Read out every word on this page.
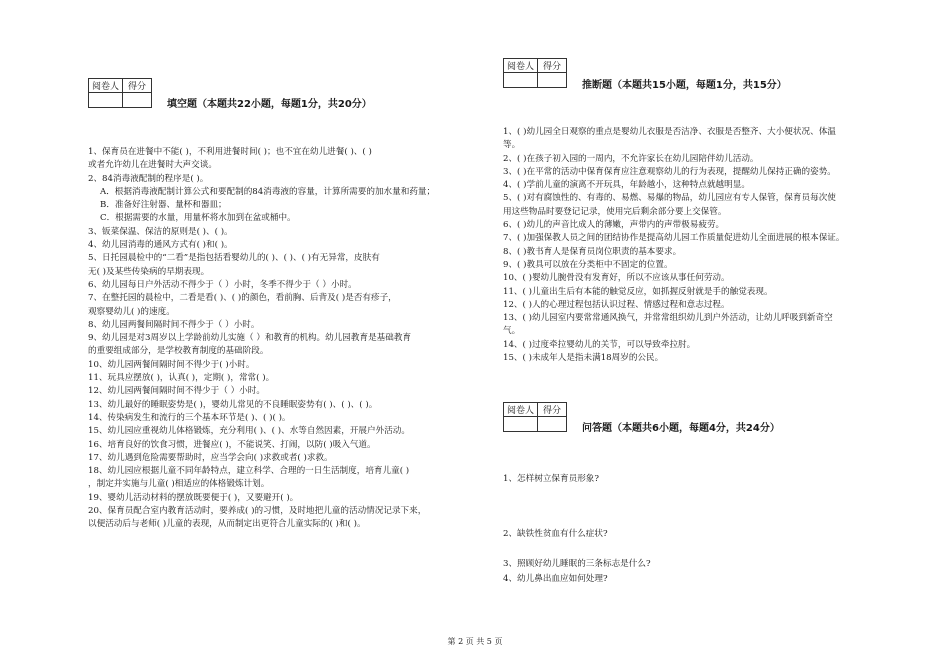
阅卷人	得分

填空题（本题共22小题，每题1分，共20分）
1、保育员在进餐中不能( )，不利用进餐时间( )；也不宜在幼儿进餐( )、( )
或者允许幼儿在进餐时大声交谈。
2、84消毒液配制的程序是( )。
A．根据消毒液配制计算公式和要配制的84消毒液的容量，计算所需要的加水量和药量；
B．准备好注射器、量杯和器皿；
C．根据需要的水量，用量杯将水加到在盆或桶中。
3、钣菜保温、保洁的原则是( )、( )。
4、幼儿园消毒的通风方式有( )和( )。
5、日托园晨检中的“二看”是指包括看婴幼儿的( )、( )、( )有无异常，皮肤有
无( )及某些传染病的早期表现。
6、幼儿园每日户外活动不得少于（ ）小时，冬季不得少于（ ）小时。
7、在整托园的晨检中，二看是看( )、( )的颜色，看前胸、后背及( )是否有疹子，
观察婴幼儿( )的速度。
8、幼儿园两餐间隔时间不得少于（ ）小时。
9、幼儿园是对3周岁以上学龄前幼儿实施（ ）和教育的机构。幼儿园教育是基础教育
的重要组成部分，是学校教育制度的基础阶段。
10、幼儿园两餐间隔时间不得少于( )小时。
11、玩具应摆放( )，认真( )，定期( )，常常( )。
12、幼儿园两餐间隔时间不得少于（ ）小时。
13、幼儿最好的睡眠姿势是( )，婴幼儿常见的不良睡眠姿势有( )、( )、( )。
14、传染病发生和流行的三个基本环节是( )、( )( )。
15、幼儿园应重视幼儿体格锻炼，充分利用( )、( )、水等自然因素，开展户外活动。
16、培育良好的饮食习惯，进餐应( )，不能说笑、打闹，以防( )吸入气道。
17、幼儿遇到危险需要帮助时，应当学会向( )求救或者( )求救。
18、幼儿园应根据儿童不同年龄特点，建立科学、合理的一日生活制度，培育儿童( )
，制定并实施与儿童( )相适应的体格锻炼计划。
19、婴幼儿活动材料的摆放既要便于( )，又要避开( )。
20、保育员配合室内教育活动时，要养成( )的习惯，及时地把儿童的活动情况记录下来，
以便活动后与老师( )儿童的表现，从而制定出更符合儿童实际的( )和( )。
阅卷人	得分

推断题（本题共15小题，每题1分，共15分）
1、( )幼儿园全日观察的重点是婴幼儿衣服是否洁净、衣服是否整齐、大小便状况、体温
等。
2、( )在孩子初入园的一周内，不允许家长在幼儿园陪伴幼儿活动。
3、( )在平常的活动中保育保育应注意观察幼儿的行为表现，提醒幼儿保持正确的姿势。
4、( )学前儿童的演离不开玩具，年龄越小，这种特点就越明显。
5、( )对有腐蚀性的、有毒的、易燃、易爆的物品，幼儿园应有专人保管，保育员每次使
用这些物品时要登记记录，使用完后剩余部分要上交保管。
6、( )幼儿的声音比成人的薄嫩，声带内的声带极易疲劳。
7、( )加强保教人员之间的团结协作是提高幼儿园工作质量促进幼儿全面进展的根本保证。
8、( )教书育人是保育员岗位职责的基本要求。
9、( )教具可以放在分类柜中不固定的位置。
10、( )婴幼儿腕骨没有发育好，所以不应该从事任何劳动。
11、( )儿童出生后有本能的触觉反应，如抓握反射就是手的触觉表现。
12、( )人的心理过程包括认识过程、情感过程和意志过程。
13、( )幼儿园室内要常常通风换气，并常常组织幼儿到户外活动，让幼儿呼吸到新奇空
气。
14、( )过度牵拉婴幼儿的关节，可以导致牵拉肘。
15、( )未成年人是指未满18周岁的公民。
阅卷人	得分

问答题（本题共6小题，每题4分，共24分）
1、怎样树立保育员形象?
2、缺铁性贫血有什么症状?
3、照顾好幼儿睡眠的三条标志是什么?
4、幼儿鼻出血应如何处理?
第 2 页 共 5 页
